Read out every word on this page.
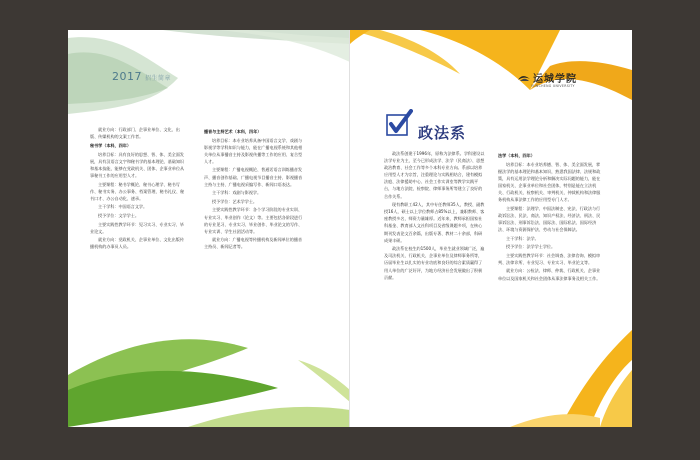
2017 招生简章

就业方向：行政部门、企事业单位、文化、出版、传媒机构的文案工作者。

秘书学（本科，四年）

培养目标：具有良好的思想、智、体、美全面发展，具有汉语言文字和秘书学的基本理论、基础知识和基本技能，能够在党政机关、团体、企事业单位从事秘书工作的应用型人才。

主要课程：秘书学概论、秘书心理学、秘书写作、秘书实务、办公事务、档案管理、秘书礼仪、秘书口才、办公自动化、速录。

主干学科：中国语言文学。

授予学位：文学学士。

主要实践性教学环节：见习实习、专业实习、毕业论文。

就业方向：党政机关、企事业单位、文化出版传播机构的办事员人员。

播音与主持艺术（本科，四年）

培养目标：本专业培养具备中国语言文学、戏剧与影视学等学科知识与能力，能在广播电视系统和其他相关单位从事播音主持及影视传播等工作的应用、复合型人才。

主要课程：广播电视概论、普通话语言训练播音发声、播音创作基础、广播电视节目播音主持、影视播音主持与主持、广播电视采编写作、新闻口语表达。

主干学科：戏剧与影视学。

授予学位：艺术学学士。

主要实践性教学环节：各个学习阶段的专业实训、专业实习、毕业创作（论文）等。主要包括各阶段进行的专业见习、专业实习、毕业创作、毕业论文的写作、专业实训、学生社团活动等。

就业方向：广播电视等传播机构及新闻单位的播音主持员、新闻记者等。

运城学院
YUNCHENG UNIVERSITY
政法系

政法系创建于1996年，原称为法律系。学科建设以法学专业为主，至今已形成法学、法学（民商法）、思想政治教育、社会工作等多个本科专业方向。系部以培养应用型人才为宗旨，注重理论与实践相结合，建有模拟法庭、法律援助中心、社会工作实训室等教学实践平台，与地方法院、检察院、律师事务所等建立了良好的合作关系。

现有教职工42人，其中专任教师35人，教授、副教授16人，硕士以上学位教师占85%以上，兼职教师、客座教授多名，师资力量雄厚。近年来，教师承担国家社科基金、教育部人文社科项目及省级课题多项，在核心期刊发表论文百余篇，出版专著、教材二十余部，科研成果丰硕。

政法系在校生约1500人，毕业生就业领域广泛，遍及司法机关、行政机关、企事业单位及律师事务所等，历届毕业生以扎实的专业功底和良好的综合素质赢得了用人单位的广泛好评，为地方经济社会发展做出了积极贡献。

法学（本科，四年）

培养目标：本专业培养德、智、体、美全面发展，掌握法学的基本理论和基本知识，熟悉我国法律、法规和政策，具有运用法学理论分析和解决实际问题的能力，能在国家机关、企事业单位和社会团体，特别是能在立法机关、行政机关、检察机关、审判机关、仲裁机构和法律服务机构从事法律工作的应用型专门人才。

主要课程：法理学、中国法制史、宪法、行政法与行政诉讼法、民法、商法、知识产权法、经济法、刑法、民事诉讼法、刑事诉讼法、国际法、国际私法、国际经济法、环境与资源保护法、劳动与社会保障法。

主干学科：法学。

授予学位：法学学士学位。

主要实践性教学环节：社会调查、法律咨询、模拟审判、法律诊所、专业见习、专业实习、毕业论文等。

就业方向：公检法、律师、仲裁、行政机关、企事业单位以及国家机关和社会团体从事法律事务及相关工作。
